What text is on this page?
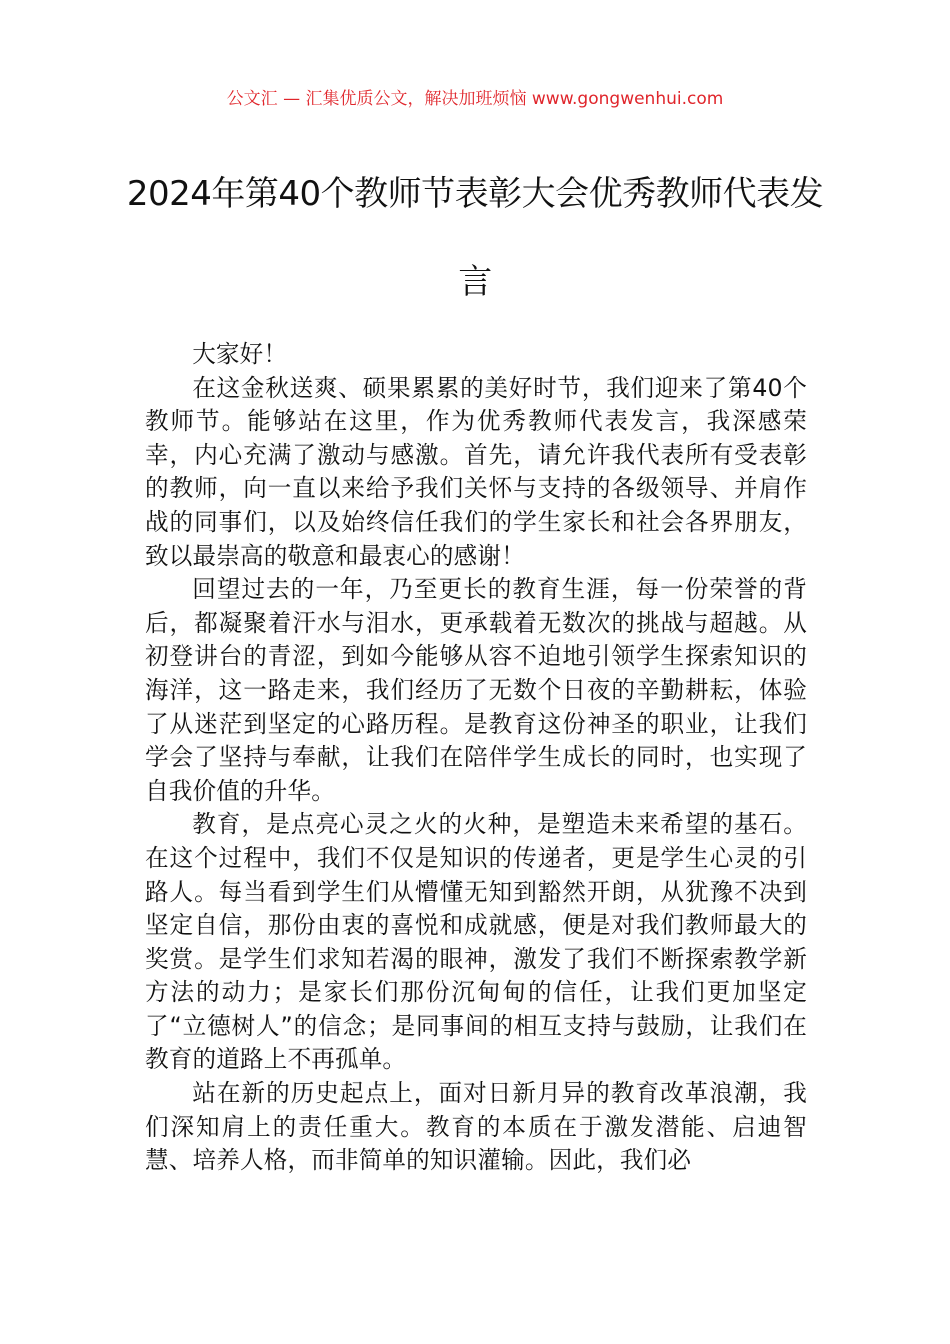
公文汇 — 汇集优质公文，解决加班烦恼 www.gongwenhui.com
2024年第40个教师节表彰大会优秀教师代表发言

大家好！

在这金秋送爽、硕果累累的美好时节，我们迎来了第40个教师节。能够站在这里，作为优秀教师代表发言，我深感荣幸，内心充满了激动与感激。首先，请允许我代表所有受表彰的教师，向一直以来给予我们关怀与支持的各级领导、并肩作战的同事们，以及始终信任我们的学生家长和社会各界朋友，致以最崇高的敬意和最衷心的感谢！

回望过去的一年，乃至更长的教育生涯，每一份荣誉的背后，都凝聚着汗水与泪水，更承载着无数次的挑战与超越。从初登讲台的青涩，到如今能够从容不迫地引领学生探索知识的海洋，这一路走来，我们经历了无数个日夜的辛勤耕耘，体验了从迷茫到坚定的心路历程。是教育这份神圣的职业，让我们学会了坚持与奉献，让我们在陪伴学生成长的同时，也实现了自我价值的升华。

教育，是点亮心灵之火的火种，是塑造未来希望的基石。在这个过程中，我们不仅是知识的传递者，更是学生心灵的引路人。每当看到学生们从懵懂无知到豁然开朗，从犹豫不决到坚定自信，那份由衷的喜悦和成就感，便是对我们教师最大的奖赏。是学生们求知若渴的眼神，激发了我们不断探索教学新方法的动力；是家长们那份沉甸甸的信任，让我们更加坚定了“立德树人”的信念；是同事间的相互支持与鼓励，让我们在教育的道路上不再孤单。

站在新的历史起点上，面对日新月异的教育改革浪潮，我们深知肩上的责任重大。教育的本质在于激发潜能、启迪智慧、培养人格，而非简单的知识灌输。因此，我们必
